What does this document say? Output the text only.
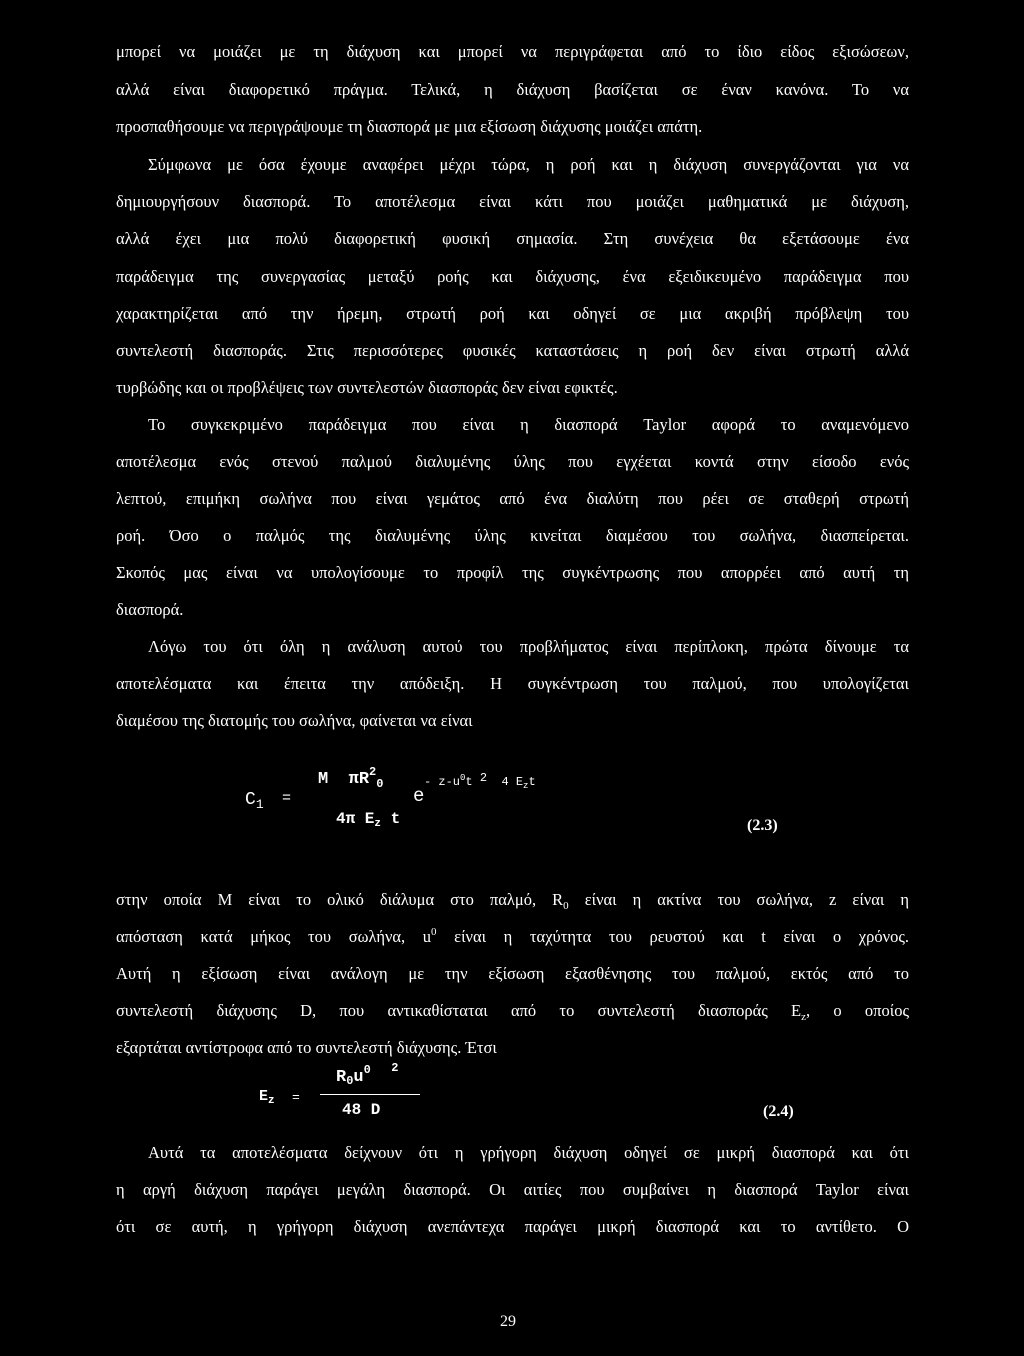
μπορεί να μοιάζει με τη διάχυση και μπορεί να περιγράφεται από το ίδιο είδος εξισώσεων,
αλλά είναι διαφορετικό πράγμα. Τελικά, η διάχυση βασίζεται σε έναν κανόνα. Το να
προσπαθήσουμε να περιγράψουμε τη διασπορά με μια εξίσωση διάχυσης μοιάζει απάτη.
Σύμφωνα με όσα έχουμε αναφέρει μέχρι τώρα, η ροή και η διάχυση συνεργάζονται για να
δημιουργήσουν διασπορά. Το αποτέλεσμα είναι κάτι που μοιάζει μαθηματικά με διάχυση,
αλλά έχει μια πολύ διαφορετική φυσική σημασία. Στη συνέχεια θα εξετάσουμε ένα
παράδειγμα της συνεργασίας μεταξύ ροής και διάχυσης, ένα εξειδικευμένο παράδειγμα που
χαρακτηρίζεται από την ήρεμη, στρωτή ροή και οδηγεί σε μια ακριβή πρόβλεψη του
συντελεστή διασποράς. Στις περισσότερες φυσικές καταστάσεις η ροή δεν είναι στρωτή αλλά
τυρβώδης και οι προβλέψεις των συντελεστών διασποράς δεν είναι εφικτές.
Το συγκεκριμένο παράδειγμα που είναι η διασπορά Taylor αφορά το αναμενόμενο
αποτέλεσμα ενός στενού παλμού διαλυμένης ύλης που εγχέεται κοντά στην είσοδο ενός
λεπτού, επιμήκη σωλήνα που είναι γεμάτος από ένα διαλύτη που ρέει σε σταθερή στρωτή
ροή. Όσο ο παλμός της διαλυμένης ύλης κινείται διαμέσου του σωλήνα, διασπείρεται.
Σκοπός μας είναι να υπολογίσουμε το προφίλ της συγκέντρωσης που απορρέει από αυτή τη
διασπορά.
Λόγω του ότι όλη η ανάλυση αυτού του προβλήματος είναι περίπλοκη, πρώτα δίνουμε τα
αποτελέσματα και έπειτα την απόδειξη. Η συγκέντρωση του παλμού, που υπολογίζεται
διαμέσου της διατομής του σωλήνα, φαίνεται να είναι
$C_1$ =
M $\pi R^2_0$
e
- $z-u^0t$ 2 4 $E_zt$
4π Ez t	(2.3)
στην οποία Μ είναι το ολικό διάλυμα στο παλμό, $R_0$ είναι η ακτίνα του σωλήνα, z είναι η
απόσταση κατά μήκος του σωλήνα, $u^0$ είναι η ταχύτητα του ρευστού και t είναι ο χρόνος.
Αυτή η εξίσωση είναι ανάλογη με την εξίσωση εξασθένησης του παλμού, εκτός από το
συντελεστή διάχυσης D, που αντικαθίσταται από το συντελεστή διασποράς $E_z$, ο οποίος
εξαρτάται αντίστροφα από το συντελεστή διάχυσης. Έτσι
$E_z$ =
$R0u^0$ $^2$
48 D	(2.4)
Αυτά τα αποτελέσματα δείχνουν ότι η γρήγορη διάχυση οδηγεί σε μικρή διασπορά και ότι
η αργή διάχυση παράγει μεγάλη διασπορά. Οι αιτίες που συμβαίνει η διασπορά Taylor είναι
ότι σε αυτή, η γρήγορη διάχυση ανεπάντεχα παράγει μικρή διασπορά και το αντίθετο. Ο
29
